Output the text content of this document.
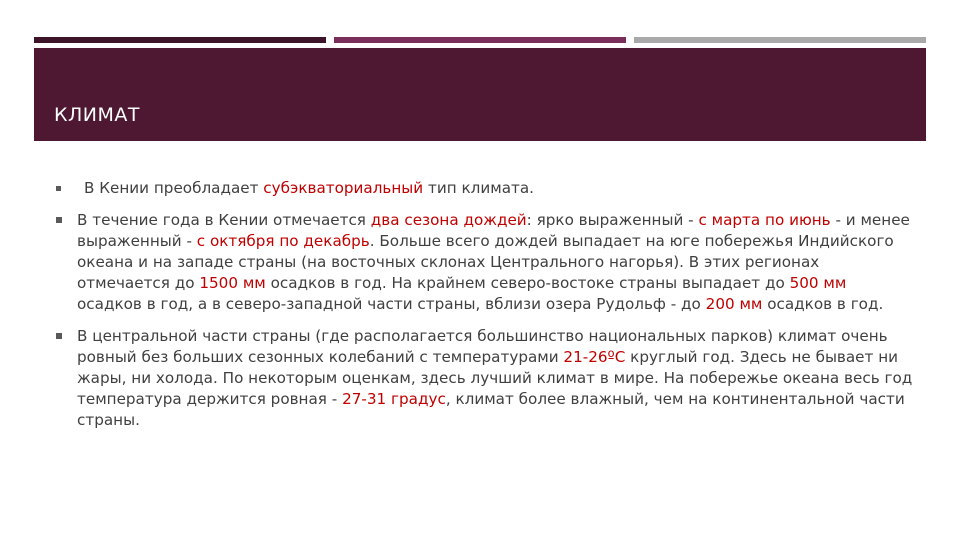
КЛИМАТ
В Кении преобладает субэкваториальный тип климата.
В течение года в Кении отмечается два сезона дождей: ярко выраженный - с марта по июнь - и менее выраженный - с октября по декабрь. Больше всего дождей выпадает на юге побережья Индийского океана и на западе страны (на восточных склонах Центрального нагорья). В этих регионах отмечается до 1500 мм осадков в год. На крайнем северо-востоке страны выпадает до 500 мм осадков в год, а в северо-западной части страны, вблизи озера Рудольф - до 200 мм осадков в год.
В центральной части страны (где располагается большинство национальных парков) климат очень ровный без больших сезонных колебаний с температурами 21-26ºС круглый год. Здесь не бывает ни жары, ни холода. По некоторым оценкам, здесь лучший климат в мире. На побережье океана весь год температура держится ровная - 27-31 градус, климат более влажный, чем на континентальной части страны.
